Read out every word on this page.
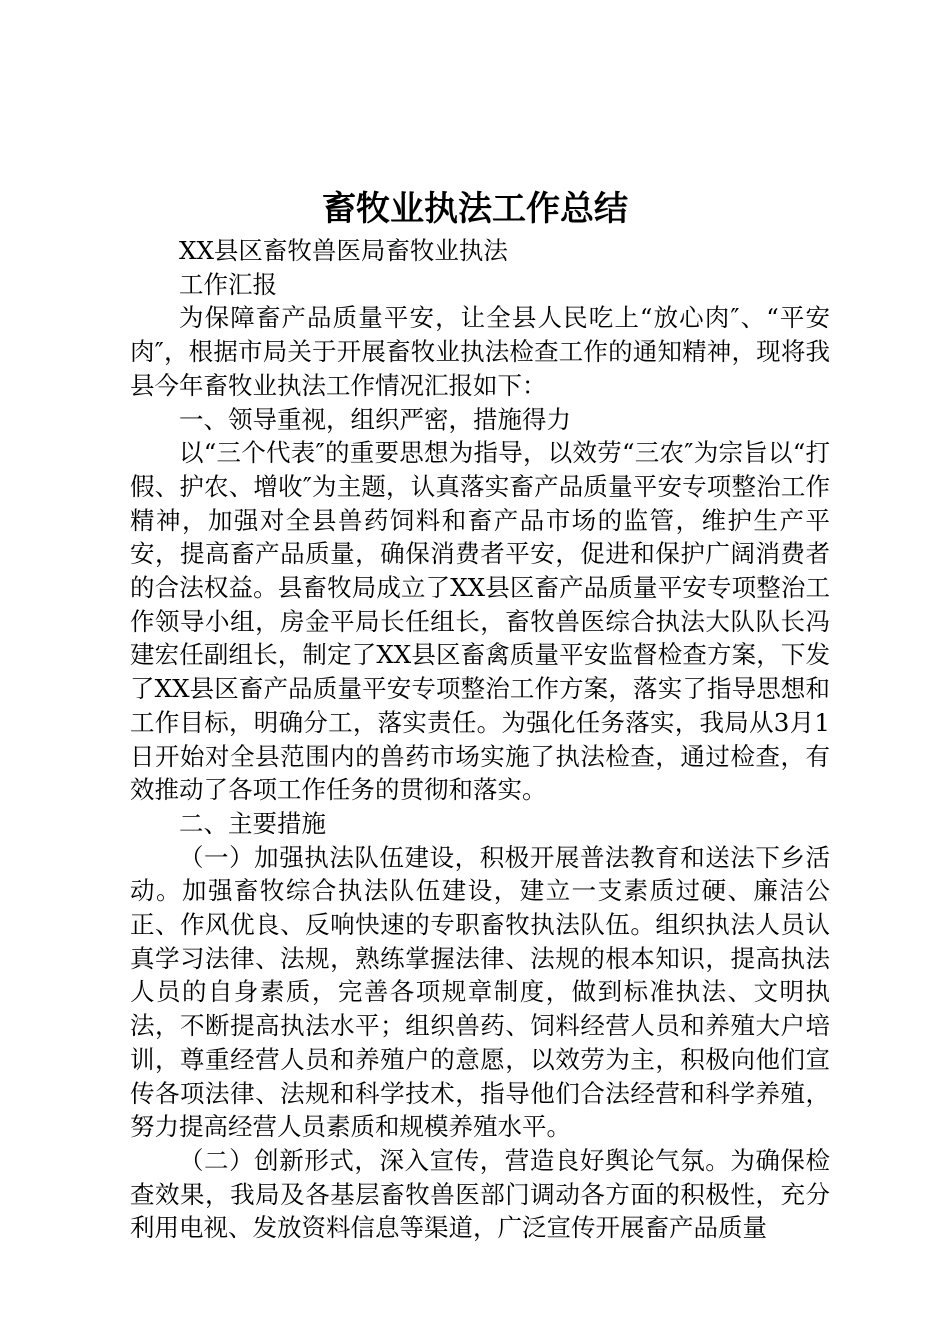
畜牧业执法工作总结

XX县区畜牧兽医局畜牧业执法

工作汇报

为保障畜产品质量平安，让全县人民吃上“放心肉″、“平安肉″，根据市局关于开展畜牧业执法检查工作的通知精神，现将我县今年畜牧业执法工作情况汇报如下：

一、领导重视，组织严密，措施得力

以“三个代表″的重要思想为指导，以效劳“三农″为宗旨以“打假、护农、增收″为主题，认真落实畜产品质量平安专项整治工作精神，加强对全县兽药饲料和畜产品市场的监管，维护生产平安，提高畜产品质量，确保消费者平安，促进和保护广阔消费者的合法权益。县畜牧局成立了XX县区畜产品质量平安专项整治工作领导小组，房金平局长任组长，畜牧兽医综合执法大队队长冯建宏任副组长，制定了XX县区畜禽质量平安监督检查方案，下发了XX县区畜产品质量平安专项整治工作方案，落实了指导思想和工作目标，明确分工，落实责任。为强化任务落实，我局从3月1日开始对全县范围内的兽药市场实施了执法检查，通过检查，有效推动了各项工作任务的贯彻和落实。

二、主要措施

（一）加强执法队伍建设，积极开展普法教育和送法下乡活动。加强畜牧综合执法队伍建设，建立一支素质过硬、廉洁公正、作风优良、反响快速的专职畜牧执法队伍。组织执法人员认真学习法律、法规，熟练掌握法律、法规的根本知识，提高执法人员的自身素质，完善各项规章制度，做到标准执法、文明执法，不断提高执法水平；组织兽药、饲料经营人员和养殖大户培训，尊重经营人员和养殖户的意愿，以效劳为主，积极向他们宣传各项法律、法规和科学技术，指导他们合法经营和科学养殖，努力提高经营人员素质和规模养殖水平。

（二）创新形式，深入宣传，营造良好舆论气氛。为确保检查效果，我局及各基层畜牧兽医部门调动各方面的积极性，充分利用电视、发放资料信息等渠道，广泛宣传开展畜产品质量
